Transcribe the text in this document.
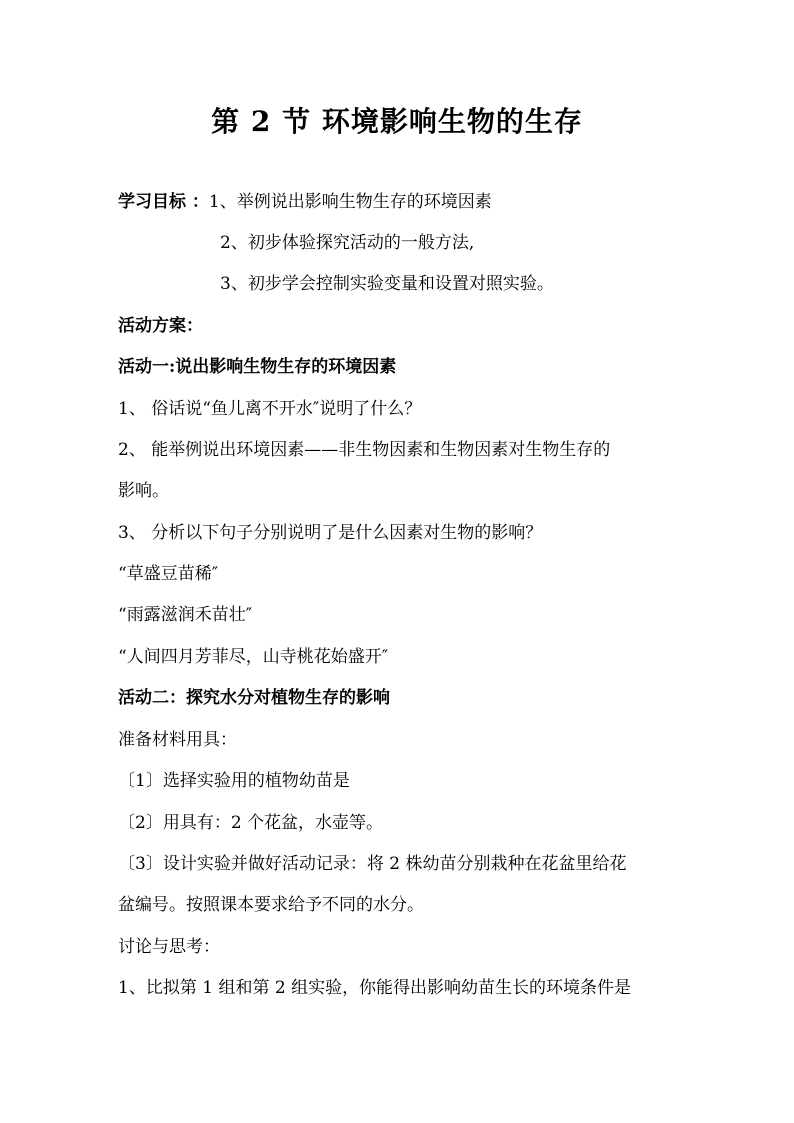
第 2 节 环境影响生物的生存
学习目标 ：1、举例说出影响生物生存的环境因素
2、初步体验探究活动的一般方法,
3、初步学会控制实验变量和设置对照实验。
活动方案：
活动一:说出影响生物生存的环境因素
1、 俗话说“鱼儿离不开水″说明了什么？
2、 能举例说出环境因素——非生物因素和生物因素对生物生存的
影响。
3、 分析以下句子分别说明了是什么因素对生物的影响？
“草盛豆苗稀″
“雨露滋润禾苗壮″
“人间四月芳菲尽，山寺桃花始盛开″
活动二：探究水分对植物生存的影响
准备材料用具：
〔1〕选择实验用的植物幼苗是
〔2〕用具有：2 个花盆，水壶等。
〔3〕设计实验并做好活动记录：将 2 株幼苗分别栽种在花盆里给花
盆编号。按照课本要求给予不同的水分。
讨论与思考：
1、比拟第 1 组和第 2 组实验，你能得出影响幼苗生长的环境条件是
